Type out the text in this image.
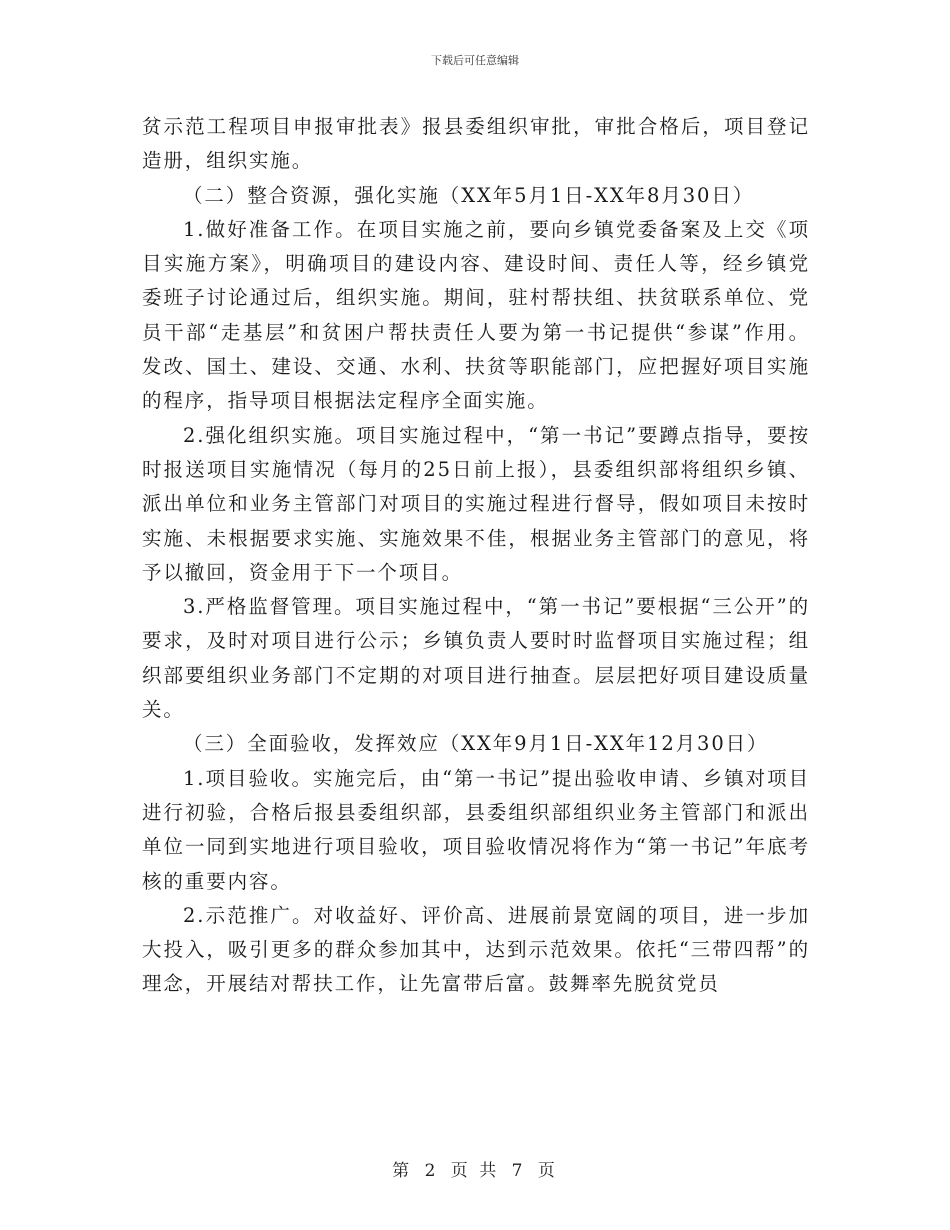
下载后可任意编辑

贫示范工程项目申报审批表》报县委组织审批，审批合格后，项目登记造册，组织实施。

（二）整合资源，强化实施（XX年5月1日-XX年8月30日）

1.做好准备工作。在项目实施之前，要向乡镇党委备案及上交《项目实施方案》，明确项目的建设内容、建设时间、责任人等，经乡镇党委班子讨论通过后，组织实施。期间，驻村帮扶组、扶贫联系单位、党员干部“走基层”和贫困户帮扶责任人要为第一书记提供“参谋”作用。发改、国土、建设、交通、水利、扶贫等职能部门，应把握好项目实施的程序，指导项目根据法定程序全面实施。

2.强化组织实施。项目实施过程中，“第一书记”要蹲点指导，要按时报送项目实施情况（每月的25日前上报），县委组织部将组织乡镇、派出单位和业务主管部门对项目的实施过程进行督导，假如项目未按时实施、未根据要求实施、实施效果不佳，根据业务主管部门的意见，将予以撤回，资金用于下一个项目。

3.严格监督管理。项目实施过程中，“第一书记”要根据“三公开”的要求，及时对项目进行公示；乡镇负责人要时时监督项目实施过程；组织部要组织业务部门不定期的对项目进行抽查。层层把好项目建设质量关。

（三）全面验收，发挥效应（XX年9月1日-XX年12月30日）

1.项目验收。实施完后，由“第一书记”提出验收申请、乡镇对项目进行初验，合格后报县委组织部，县委组织部组织业务主管部门和派出单位一同到实地进行项目验收，项目验收情况将作为“第一书记”年底考核的重要内容。

2.示范推广。对收益好、评价高、进展前景宽阔的项目，进一步加大投入，吸引更多的群众参加其中，达到示范效果。依托“三带四帮”的理念，开展结对帮扶工作，让先富带后富。鼓舞率先脱贫党员

第 2 页 共 7 页
